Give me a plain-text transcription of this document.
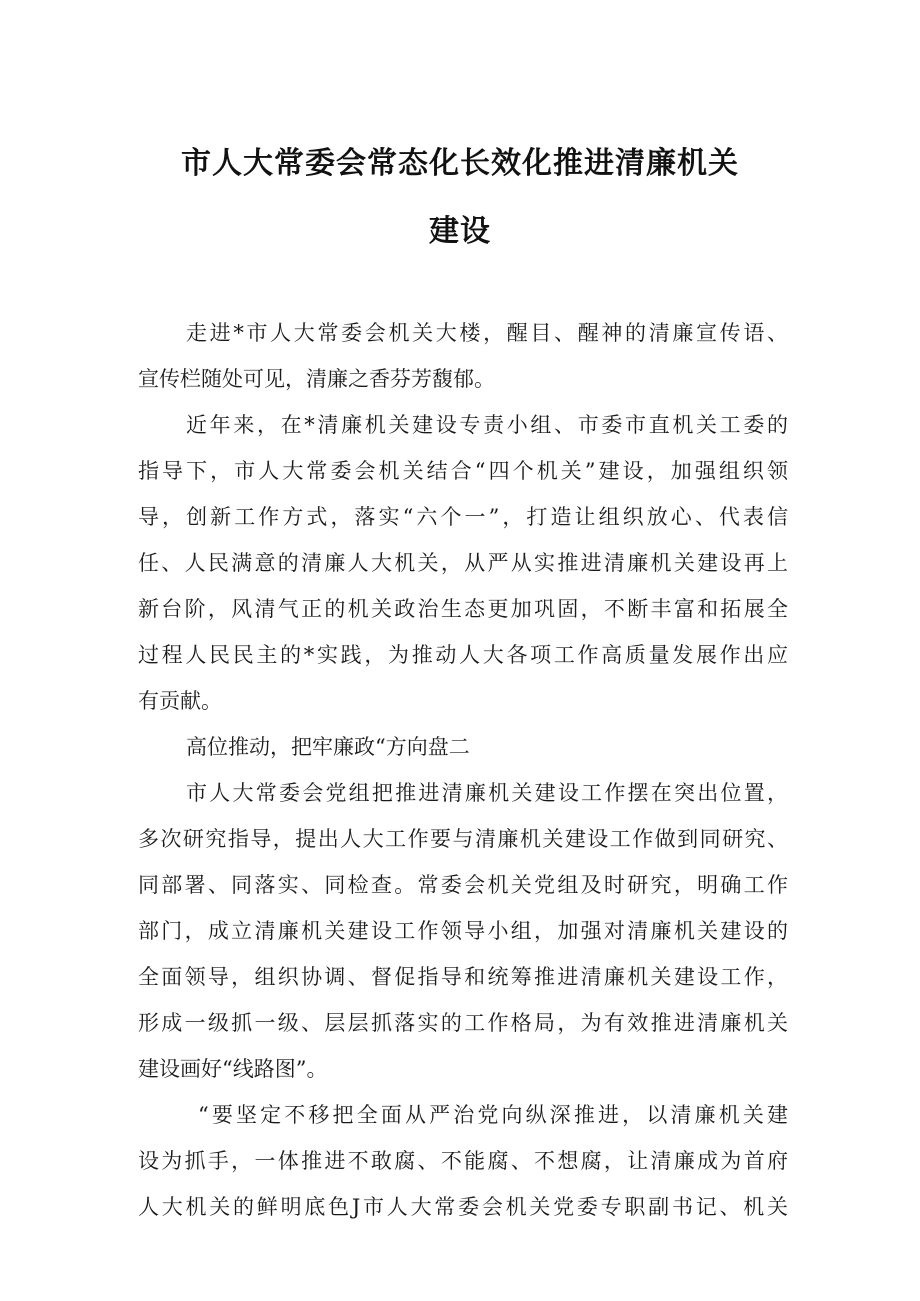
市人大常委会常态化长效化推进清廉机关
建设

走进*市人大常委会机关大楼，醒目、醒神的清廉宣传语、

宣传栏随处可见，清廉之香芬芳馥郁。

近年来，在*清廉机关建设专责小组、市委市直机关工委的

指导下，市人大常委会机关结合“四个机关”建设，加强组织领

导，创新工作方式，落实“六个一”，打造让组织放心、代表信

任、人民满意的清廉人大机关，从严从实推进清廉机关建设再上

新台阶，风清气正的机关政治生态更加巩固，不断丰富和拓展全

过程人民民主的*实践，为推动人大各项工作高质量发展作出应

有贡献。

高位推动，把牢廉政“方向盘二

市人大常委会党组把推进清廉机关建设工作摆在突出位置，

多次研究指导，提出人大工作要与清廉机关建设工作做到同研究、

同部署、同落实、同检查。常委会机关党组及时研究，明确工作

部门，成立清廉机关建设工作领导小组，加强对清廉机关建设的

全面领导，组织协调、督促指导和统筹推进清廉机关建设工作，

形成一级抓一级、层层抓落实的工作格局，为有效推进清廉机关

建设画好“线路图”。

“要坚定不移把全面从严治党向纵深推进，以清廉机关建

设为抓手，一体推进不敢腐、不能腐、不想腐，让清廉成为首府

人大机关的鲜明底色J市人大常委会机关党委专职副书记、机关
